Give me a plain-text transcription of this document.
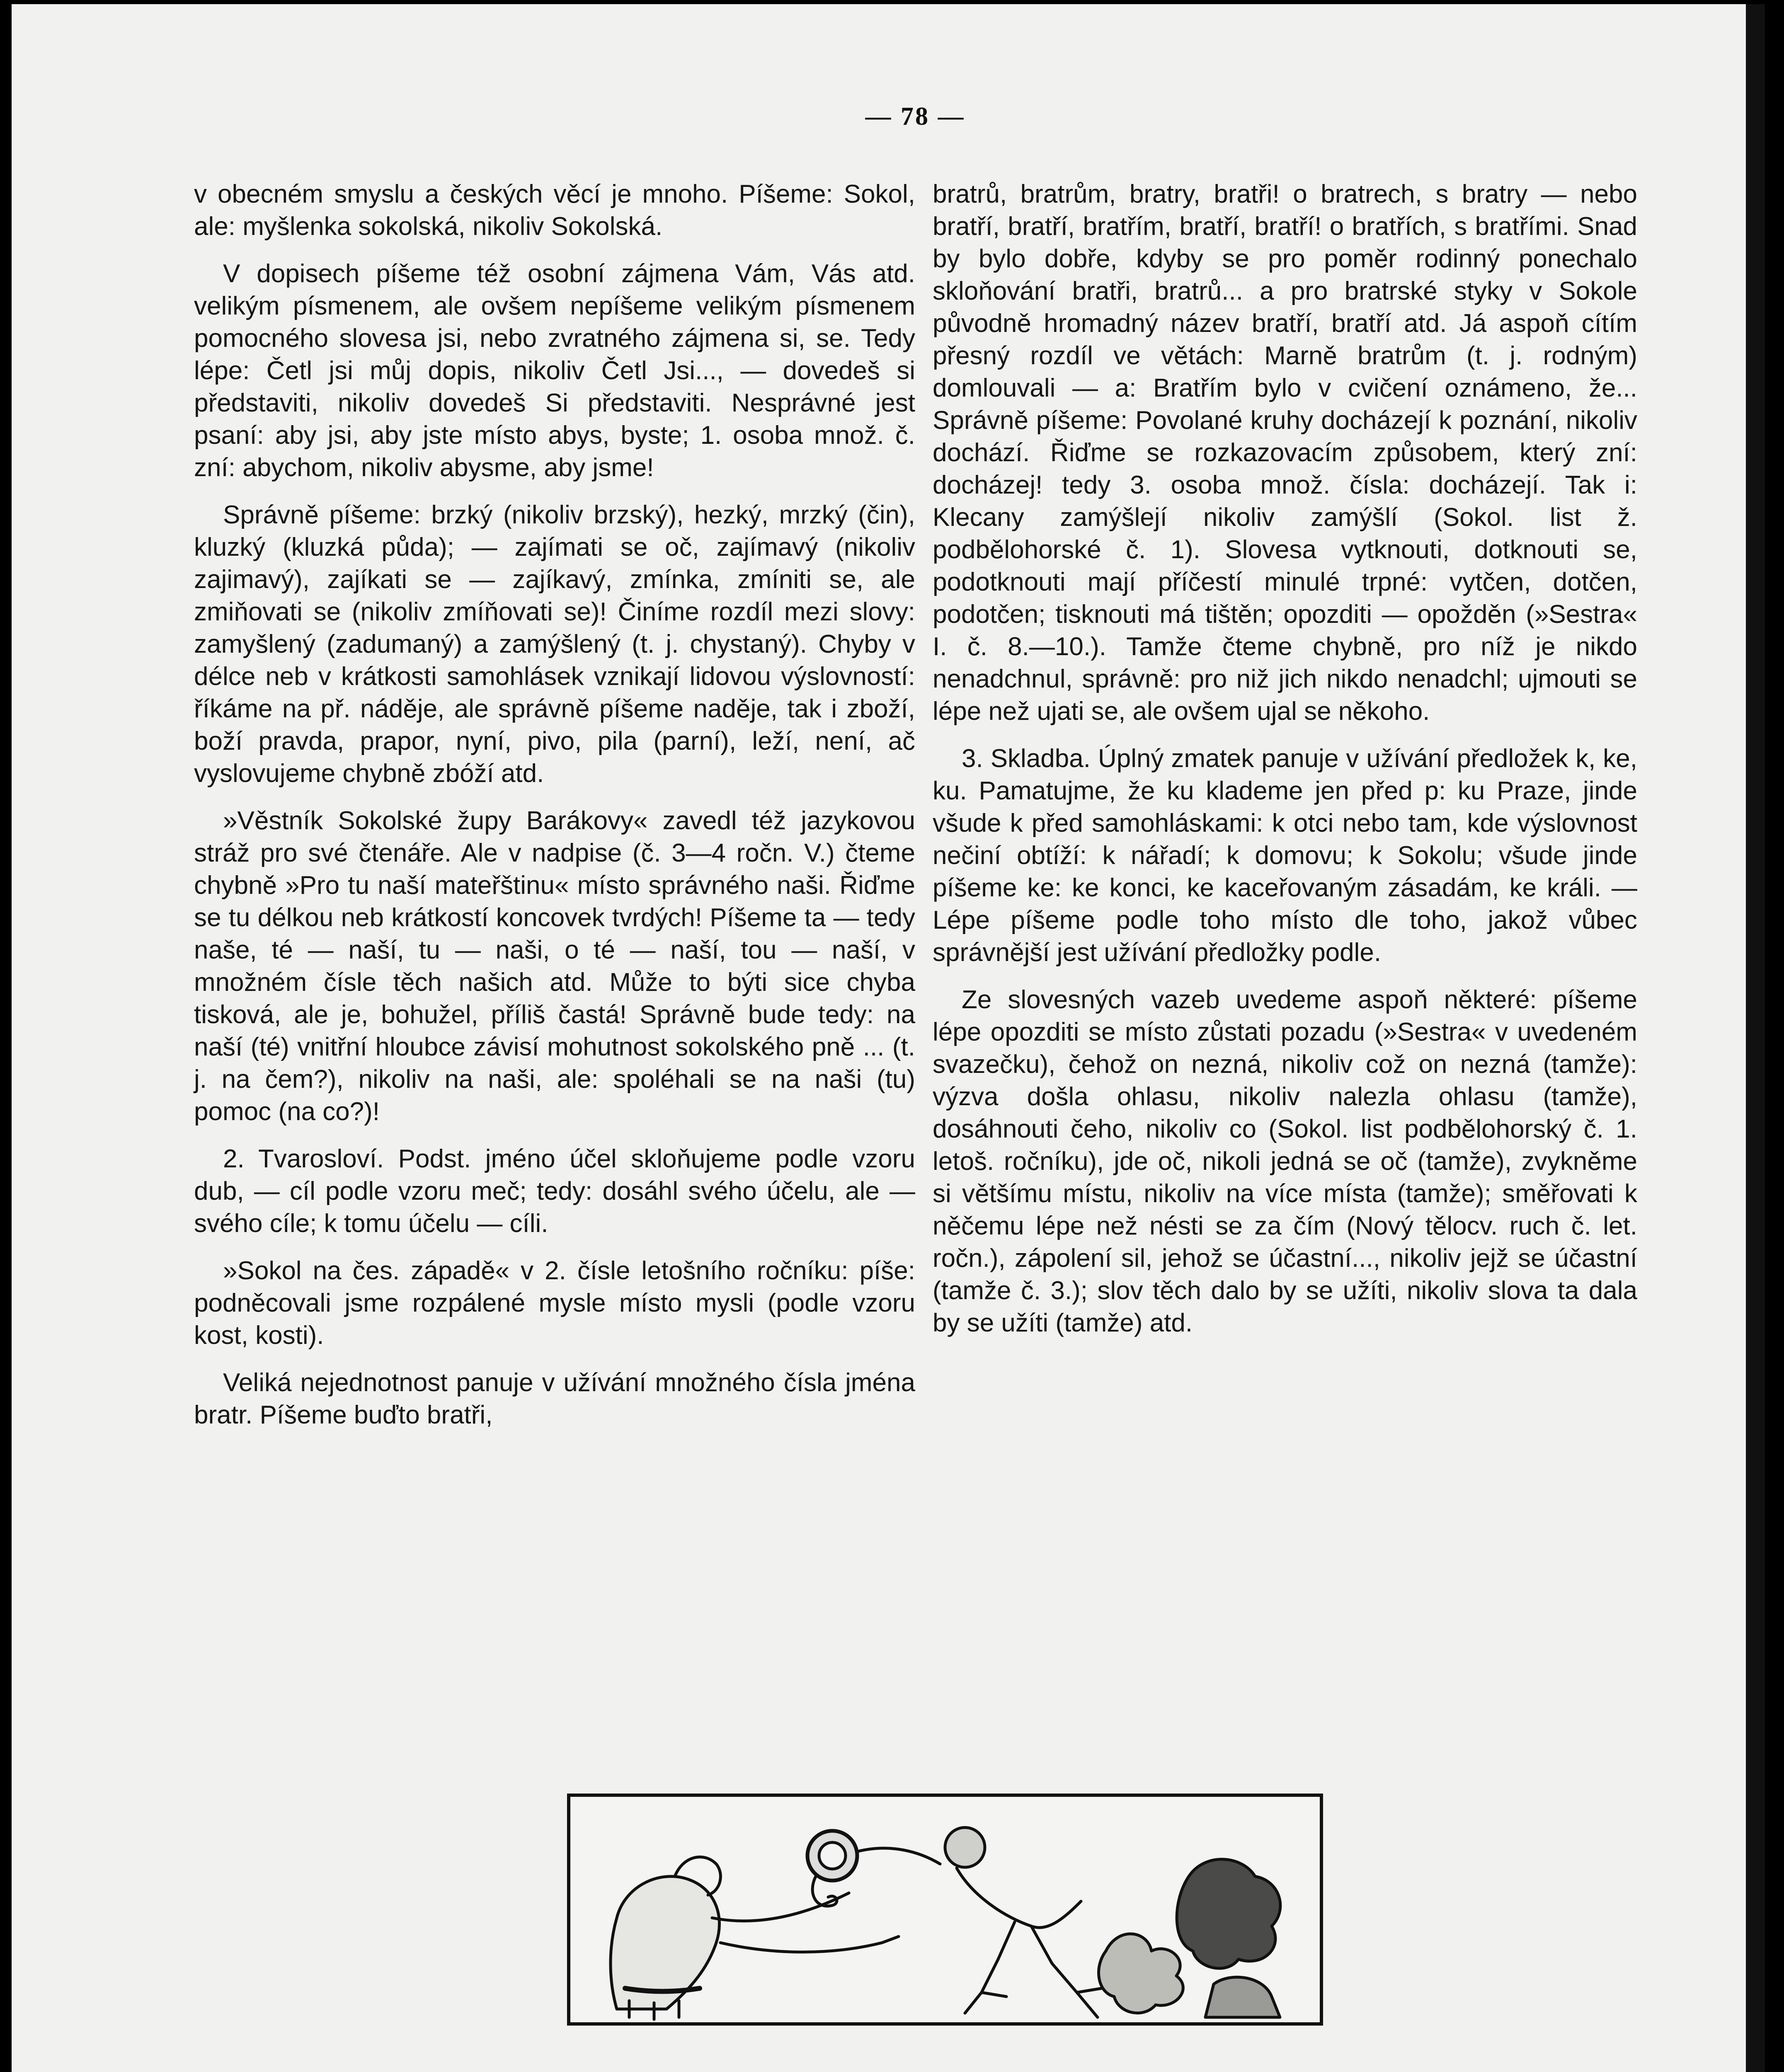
— 78 —

v obecném smyslu a českých věcí je mnoho. Píšeme: Sokol, ale: myšlenka sokolská, nikoliv Sokolská.

V dopisech píšeme též osobní zájmena Vám, Vás atd. velikým písmenem, ale ovšem nepíšeme velikým písmenem pomocného slovesa jsi, nebo zvratného zájmena si, se. Tedy lépe: Četl jsi můj dopis, nikoliv Četl Jsi..., — dovedeš si představiti, nikoliv dovedeš Si představiti. Nesprávné jest psaní: aby jsi, aby jste místo abys, byste; 1. osoba množ. č. zní: abychom, nikoliv abysme, aby jsme!

Správně píšeme: brzký (nikoliv brzský), hezký, mrzký (čin), kluzký (kluzká půda); — zajímati se oč, zajímavý (nikoliv zajimavý), zajíkati se — zajíkavý, zmínka, zmíniti se, ale zmiňovati se (nikoliv zmíňovati se)! Činíme rozdíl mezi slovy: zamyšlený (zadumaný) a zamýšlený (t. j. chystaný). Chyby v délce neb v krátkosti samohlásek vznikají lidovou výslovností: říkáme na př. náděje, ale správně píšeme naděje, tak i zboží, boží pravda, prapor, nyní, pivo, pila (parní), leží, není, ač vyslovujeme chybně zbóží atd.

»Věstník Sokolské župy Barákovy« zavedl též jazykovou stráž pro své čtenáře. Ale v nadpise (č. 3—4 ročn. V.) čteme chybně »Pro tu naší mateřštinu« místo správného naši. Řiďme se tu délkou neb krátkostí koncovek tvrdých! Píšeme ta — tedy naše, té — naší, tu — naši, o té — naší, tou — naší, v množném čísle těch našich atd. Může to býti sice chyba tisková, ale je, bohužel, příliš častá! Správně bude tedy: na naší (té) vnitřní hloubce závisí mohutnost sokolského pně ... (t. j. na čem?), nikoliv na naši, ale: spoléhali se na naši (tu) pomoc (na co?)!

2. Tvarosloví. Podst. jméno účel skloňujeme podle vzoru dub, — cíl podle vzoru meč; tedy: dosáhl svého účelu, ale — svého cíle; k tomu účelu — cíli.

»Sokol na čes. západě« v 2. čísle letošního ročníku: píše: podněcovali jsme rozpálené mysle místo mysli (podle vzoru kost, kosti).

Veliká nejednotnost panuje v užívání množného čísla jména bratr. Píšeme buďto bratři,

bratrů, bratrům, bratry, bratři! o bratrech, s bratry — nebo bratří, bratří, bratřím, bratří, bratří! o bratřích, s bratřími. Snad by bylo dobře, kdyby se pro poměr rodinný ponechalo skloňování bratři, bratrů... a pro bratrské styky v Sokole původně hromadný název bratří, bratří atd. Já aspoň cítím přesný rozdíl ve větách: Marně bratrům (t. j. rodným) domlouvali — a: Bratřím bylo v cvičení oznámeno, že... Správně píšeme: Povolané kruhy docházejí k poznání, nikoliv dochází. Řiďme se rozkazovacím způsobem, který zní: docházej! tedy 3. osoba množ. čísla: docházejí. Tak i: Klecany zamýšlejí nikoliv zamýšlí (Sokol. list ž. podbělohorské č. 1). Slovesa vytknouti, dotknouti se, podotknouti mají příčestí minulé trpné: vytčen, dotčen, podotčen; tisknouti má tištěn; opozditi — opožděn (»Sestra« I. č. 8.—10.). Tamže čteme chybně, pro níž je nikdo nenadchnul, správně: pro niž jich nikdo nenadchl; ujmouti se lépe než ujati se, ale ovšem ujal se někoho.

3. Skladba. Úplný zmatek panuje v užívání předložek k, ke, ku. Pamatujme, že ku klademe jen před p: ku Praze, jinde všude k před samohláskami: k otci nebo tam, kde výslovnost nečiní obtíží: k nářadí; k domovu; k Sokolu; všude jinde píšeme ke: ke konci, ke kaceřovaným zásadám, ke králi. — Lépe píšeme podle toho místo dle toho, jakož vůbec správnější jest užívání předložky podle.

Ze slovesných vazeb uvedeme aspoň některé: píšeme lépe opozditi se místo zůstati pozadu (»Sestra« v uvedeném svazečku), čehož on nezná, nikoliv což on nezná (tamže): výzva došla ohlasu, nikoliv nalezla ohlasu (tamže), dosáhnouti čeho, nikoliv co (Sokol. list podbělohorský č. 1. letoš. ročníku), jde oč, nikoli jedná se oč (tamže), zvykněme si většímu místu, nikoliv na více místa (tamže); směřovati k něčemu lépe než nésti se za čím (Nový tělocv. ruch č. let. ročn.), zápolení sil, jehož se účastní..., nikoliv jejž se účastní (tamže č. 3.); slov těch dalo by se užíti, nikoliv slova ta dala by se užíti (tamže) atd.
